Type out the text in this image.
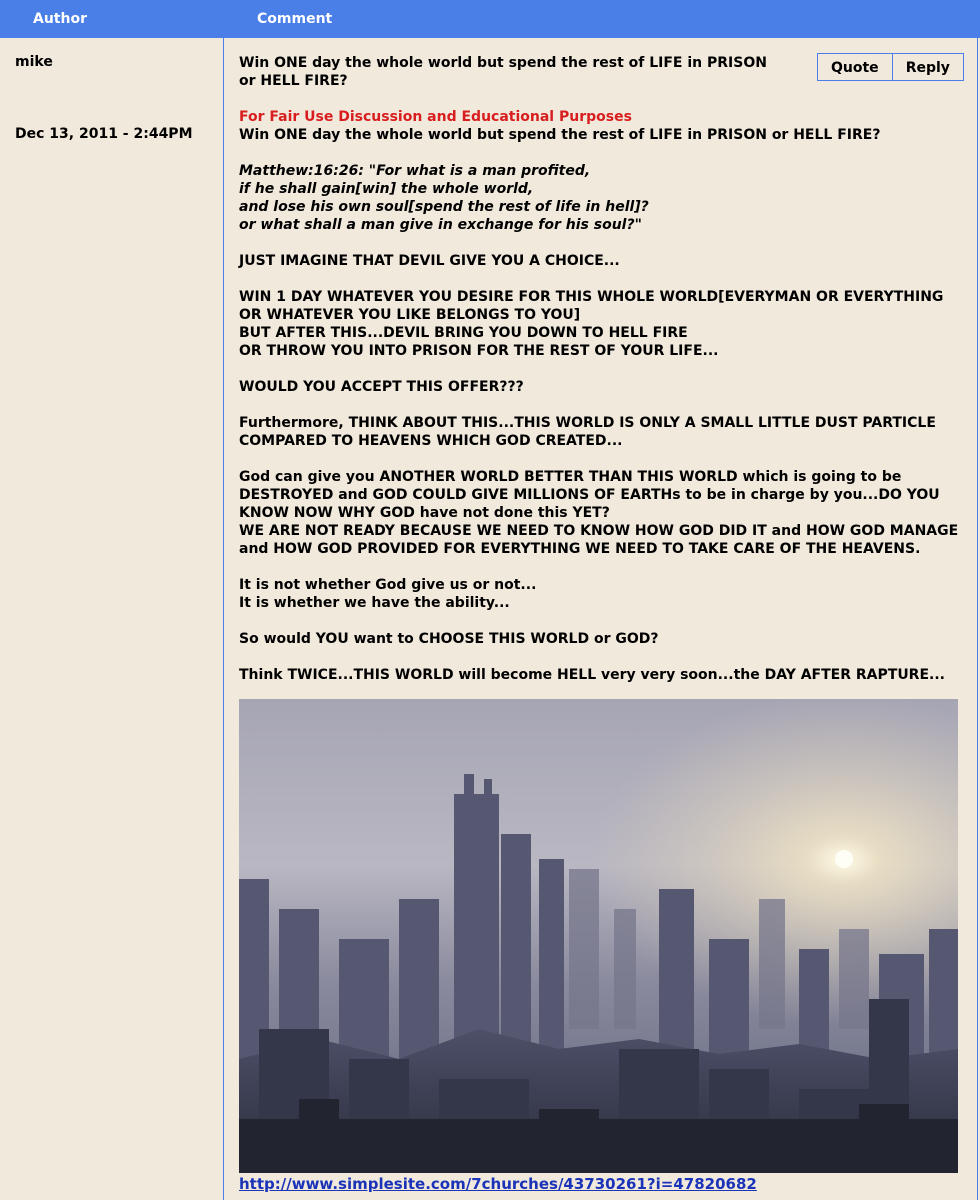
Author	Comment
mike
Dec 13, 2011 - 2:44PM
Quote	Reply

Win ONE day the whole world but spend the rest of LIFE in PRISON or HELL FIRE?

For Fair Use Discussion and Educational Purposes

Win ONE day the whole world but spend the rest of LIFE in PRISON or HELL FIRE?

Matthew:16:26: "For what is a man profited,
if he shall gain[win] the whole world,
and lose his own soul[spend the rest of life in hell]?
or what shall a man give in exchange for his soul?"

JUST IMAGINE THAT DEVIL GIVE YOU A CHOICE...

WIN 1 DAY WHATEVER YOU DESIRE FOR THIS WHOLE WORLD[EVERYMAN OR EVERYTHING OR WHATEVER YOU LIKE BELONGS TO YOU]
BUT AFTER THIS...DEVIL BRING YOU DOWN TO HELL FIRE
OR THROW YOU INTO PRISON FOR THE REST OF YOUR LIFE...

WOULD YOU ACCEPT THIS OFFER???

Furthermore, THINK ABOUT THIS...THIS WORLD IS ONLY A SMALL LITTLE DUST PARTICLE COMPARED TO HEAVENS WHICH GOD CREATED...

God can give you ANOTHER WORLD BETTER THAN THIS WORLD which is going to be DESTROYED and GOD COULD GIVE MILLIONS OF EARTHs to be in charge by you...DO YOU KNOW NOW WHY GOD have not done this YET?
WE ARE NOT READY BECAUSE WE NEED TO KNOW HOW GOD DID IT and HOW GOD MANAGE and HOW GOD PROVIDED FOR EVERYTHING WE NEED TO TAKE CARE OF THE HEAVENS.

It is not whether God give us or not...
It is whether we have the ability...

So would YOU want to CHOOSE THIS WORLD or GOD?

Think TWICE...THIS WORLD will become HELL very very soon...the DAY AFTER RAPTURE...

http://www.simplesite.com/7churches/43730261?i=47820682
